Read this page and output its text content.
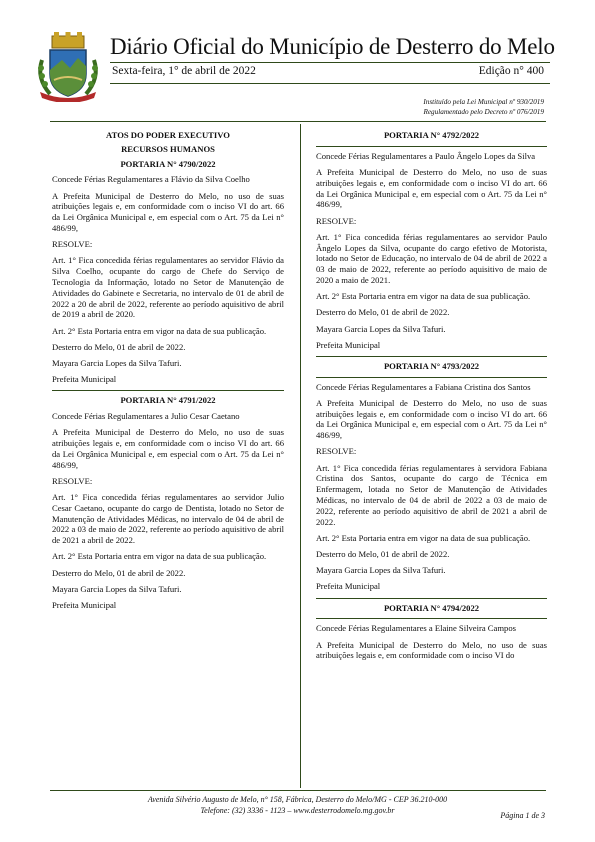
Diário Oficial do Município de Desterro do Melo
Sexta-feira, 1° de abril de 2022	Edição n° 400
Instituído pela Lei Municipal nº 930/2019
Regulamentado pelo Decreto nº 076/2019
ATOS DO PODER EXECUTIVO
RECURSOS HUMANOS
PORTARIA N° 4790/2022

Concede Férias Regulamentares a Flávio da Silva Coelho

A Prefeita Municipal de Desterro do Melo, no uso de suas atribuições legais e, em conformidade com o inciso VI do art. 66 da Lei Orgânica Municipal e, em especial com o Art. 75 da Lei n° 486/99,

RESOLVE:

Art. 1° Fica concedida férias regulamentares ao servidor Flávio da Silva Coelho, ocupante do cargo de Chefe do Serviço de Tecnologia da Informação, lotado no Setor de Manutenção de Atividades do Gabinete e Secretaria, no intervalo de 01 de abril de 2022 a 20 de abril de 2022, referente ao período aquisitivo de abril de 2019 a abril de 2020.

Art. 2° Esta Portaria entra em vigor na data de sua publicação.

Desterro do Melo, 01 de abril de 2022.

Mayara Garcia Lopes da Silva Tafuri.

Prefeita Municipal

PORTARIA N° 4791/2022

Concede Férias Regulamentares a Julio Cesar Caetano

A Prefeita Municipal de Desterro do Melo, no uso de suas atribuições legais e, em conformidade com o inciso VI do art. 66 da Lei Orgânica Municipal e, em especial com o Art. 75 da Lei n° 486/99,

RESOLVE:

Art. 1° Fica concedida férias regulamentares ao servidor Julio Cesar Caetano, ocupante do cargo de Dentista, lotado no Setor de Manutenção de Atividades Médicas, no intervalo de 04 de abril de 2022 a 03 de maio de 2022, referente ao período aquisitivo de abril de 2021 a abril de 2022.

Art. 2° Esta Portaria entra em vigor na data de sua publicação.

Desterro do Melo, 01 de abril de 2022.

Mayara Garcia Lopes da Silva Tafuri.

Prefeita Municipal

PORTARIA N° 4792/2022

Concede Férias Regulamentares a Paulo Ângelo Lopes da Silva

A Prefeita Municipal de Desterro do Melo, no uso de suas atribuições legais e, em conformidade com o inciso VI do art. 66 da Lei Orgânica Municipal e, em especial com o Art. 75 da Lei n° 486/99,

RESOLVE:

Art. 1° Fica concedida férias regulamentares ao servidor Paulo Ângelo Lopes da Silva, ocupante do cargo efetivo de Motorista, lotado no Setor de Educação, no intervalo de 04 de abril de 2022 a 03 de maio de 2022, referente ao período aquisitivo de maio de 2020 a maio de 2021.

Art. 2° Esta Portaria entra em vigor na data de sua publicação.

Desterro do Melo, 01 de abril de 2022.

Mayara Garcia Lopes da Silva Tafuri.

Prefeita Municipal

PORTARIA N° 4793/2022

Concede Férias Regulamentares a Fabiana Cristina dos Santos

A Prefeita Municipal de Desterro do Melo, no uso de suas atribuições legais e, em conformidade com o inciso VI do art. 66 da Lei Orgânica Municipal e, em especial com o Art. 75 da Lei n° 486/99,

RESOLVE:

Art. 1° Fica concedida férias regulamentares à servidora Fabiana Cristina dos Santos, ocupante do cargo de Técnica em Enfermagem, lotada no Setor de Manutenção de Atividades Médicas, no intervalo de 04 de abril de 2022 a 03 de maio de 2022, referente ao período aquisitivo de abril de 2021 a abril de 2022.

Art. 2° Esta Portaria entra em vigor na data de sua publicação.

Desterro do Melo, 01 de abril de 2022.

Mayara Garcia Lopes da Silva Tafuri.

Prefeita Municipal

PORTARIA N° 4794/2022

Concede Férias Regulamentares a Elaine Silveira Campos

A Prefeita Municipal de Desterro do Melo, no uso de suas atribuições legais e, em conformidade com o inciso VI do

Avenida Silvério Augusto de Melo, n° 158, Fábrica, Desterro do Melo/MG - CEP 36.210-000
Telefone: (32) 3336 - 1123 – www.desterrodomelo.mg.gov.br
Página 1 de 3
